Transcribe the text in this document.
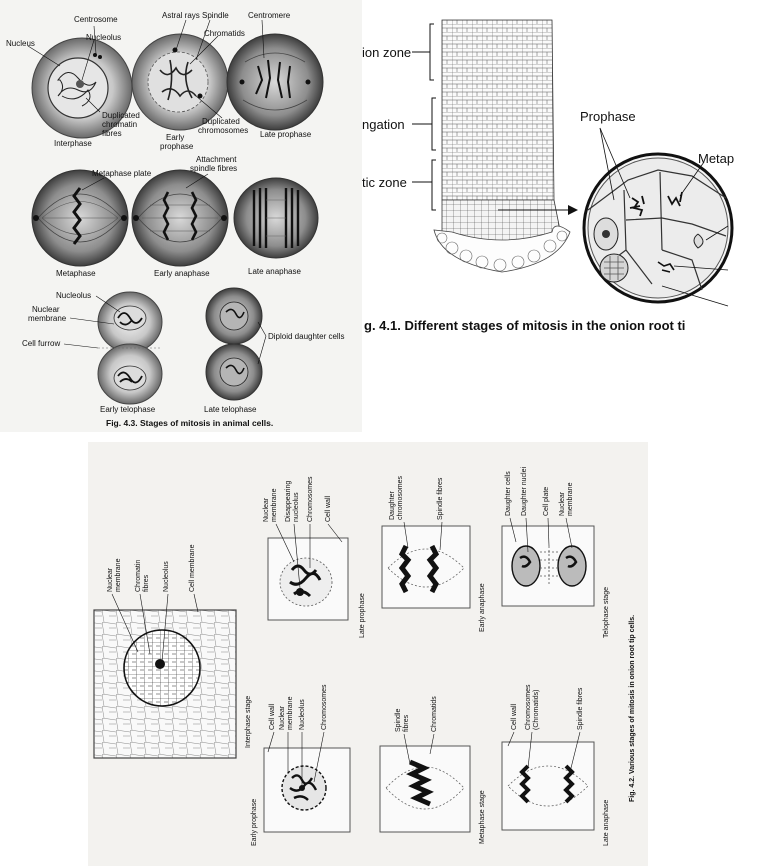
Nucleus
Centrosome
Nucleolus
Duplicated
chromatin
fibres
Astral rays Spindle
Chromatids
Duplicated
chromosomes
Centromere
Interphase
Early
prophase
Late prophase
Metaphase plate
Attachment
spindle fibres
Metaphase	Early anaphase	Late anaphase
Nucleolus
Nuclear
membrane
Cell furrow
Diploid daughter cells
Early telophase	Late telophase
Fig. 4.3. Stages of mitosis in animal cells.
ion zone
ngation
tic zone
Prophase
Metap
g. 4.1. Different stages of mitosis in the onion root ti
Nuclear membrane Chromatin fibres Nucleolus	Cell membrane
Interphase stage
Nuclear membrane Disappearing nucleolus Chromosomes Cell wall
Late prophase
Daughter chromosomes	Spindle fibres
Early anaphase
Daughter cells Daughter nuclei Cell plate Nuclear membrane
Telophase stage
Cell wall Nuclear membrane Nucleolus Chromosomes
Early prophase
Spindle fibres	Chromatids
Metaphase stage
Cell wall Chromosomes (Chromatids)	Spindle fibres
Late anaphase
Fig. 4.2. Various stages of mitosis in onion root tip cells.
